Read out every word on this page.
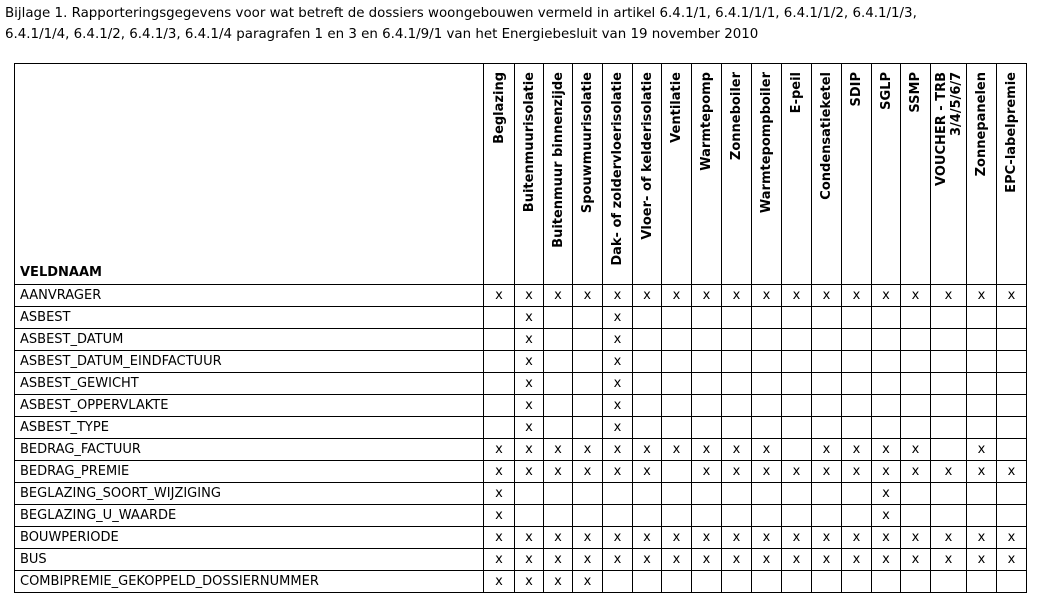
Bijlage 1. Rapporteringsgegevens voor wat betreft de dossiers woongebouwen vermeld in artikel 6.4.1/1, 6.4.1/1/1, 6.4.1/1/2, 6.4.1/1/3,
6.4.1/1/4, 6.4.1/2, 6.4.1/3, 6.4.1/4 paragrafen 1 en 3 en 6.4.1/9/1 van het Energiebesluit van 19 november 2010
VELDNAAM	Beglazing	Buitenmuurisolatie	Buitenmuur binnenzijde	Spouwmuurisolatie	Dak- of zoldervloerisolatie	Vloer- of kelderisolatie	Ventilatie	Warmtepomp	Zonneboiler	Warmtepompboiler	E-peil	Condensatieketel	SDIP	SGLP	SSMP	VOUCHER - TRB
3/4/5/6/7	Zonnepanelen	EPC-labelpremie

AANVRAGER	x	x	x	x	x	x	x	x	x	x	x	x	x	x	x	x	x	x
ASBEST		x			x													
ASBEST_DATUM		x			x													
ASBEST_DATUM_EINDFACTUUR		x			x													
ASBEST_GEWICHT		x			x													
ASBEST_OPPERVLAKTE		x			x													
ASBEST_TYPE		x			x													
BEDRAG_FACTUUR	x	x	x	x	x	x	x	x	x	x		x	x	x	x		x	
BEDRAG_PREMIE	x	x	x	x	x	x		x	x	x	x	x	x	x	x	x	x	x
BEGLAZING_SOORT_WIJZIGING	x													x				
BEGLAZING_U_WAARDE	x													x				
BOUWPERIODE	x	x	x	x	x	x	x	x	x	x	x	x	x	x	x	x	x	x
BUS	x	x	x	x	x	x	x	x	x	x	x	x	x	x	x	x	x	x
COMBIPREMIE_GEKOPPELD_DOSSIERNUMMER	x	x	x	x														
